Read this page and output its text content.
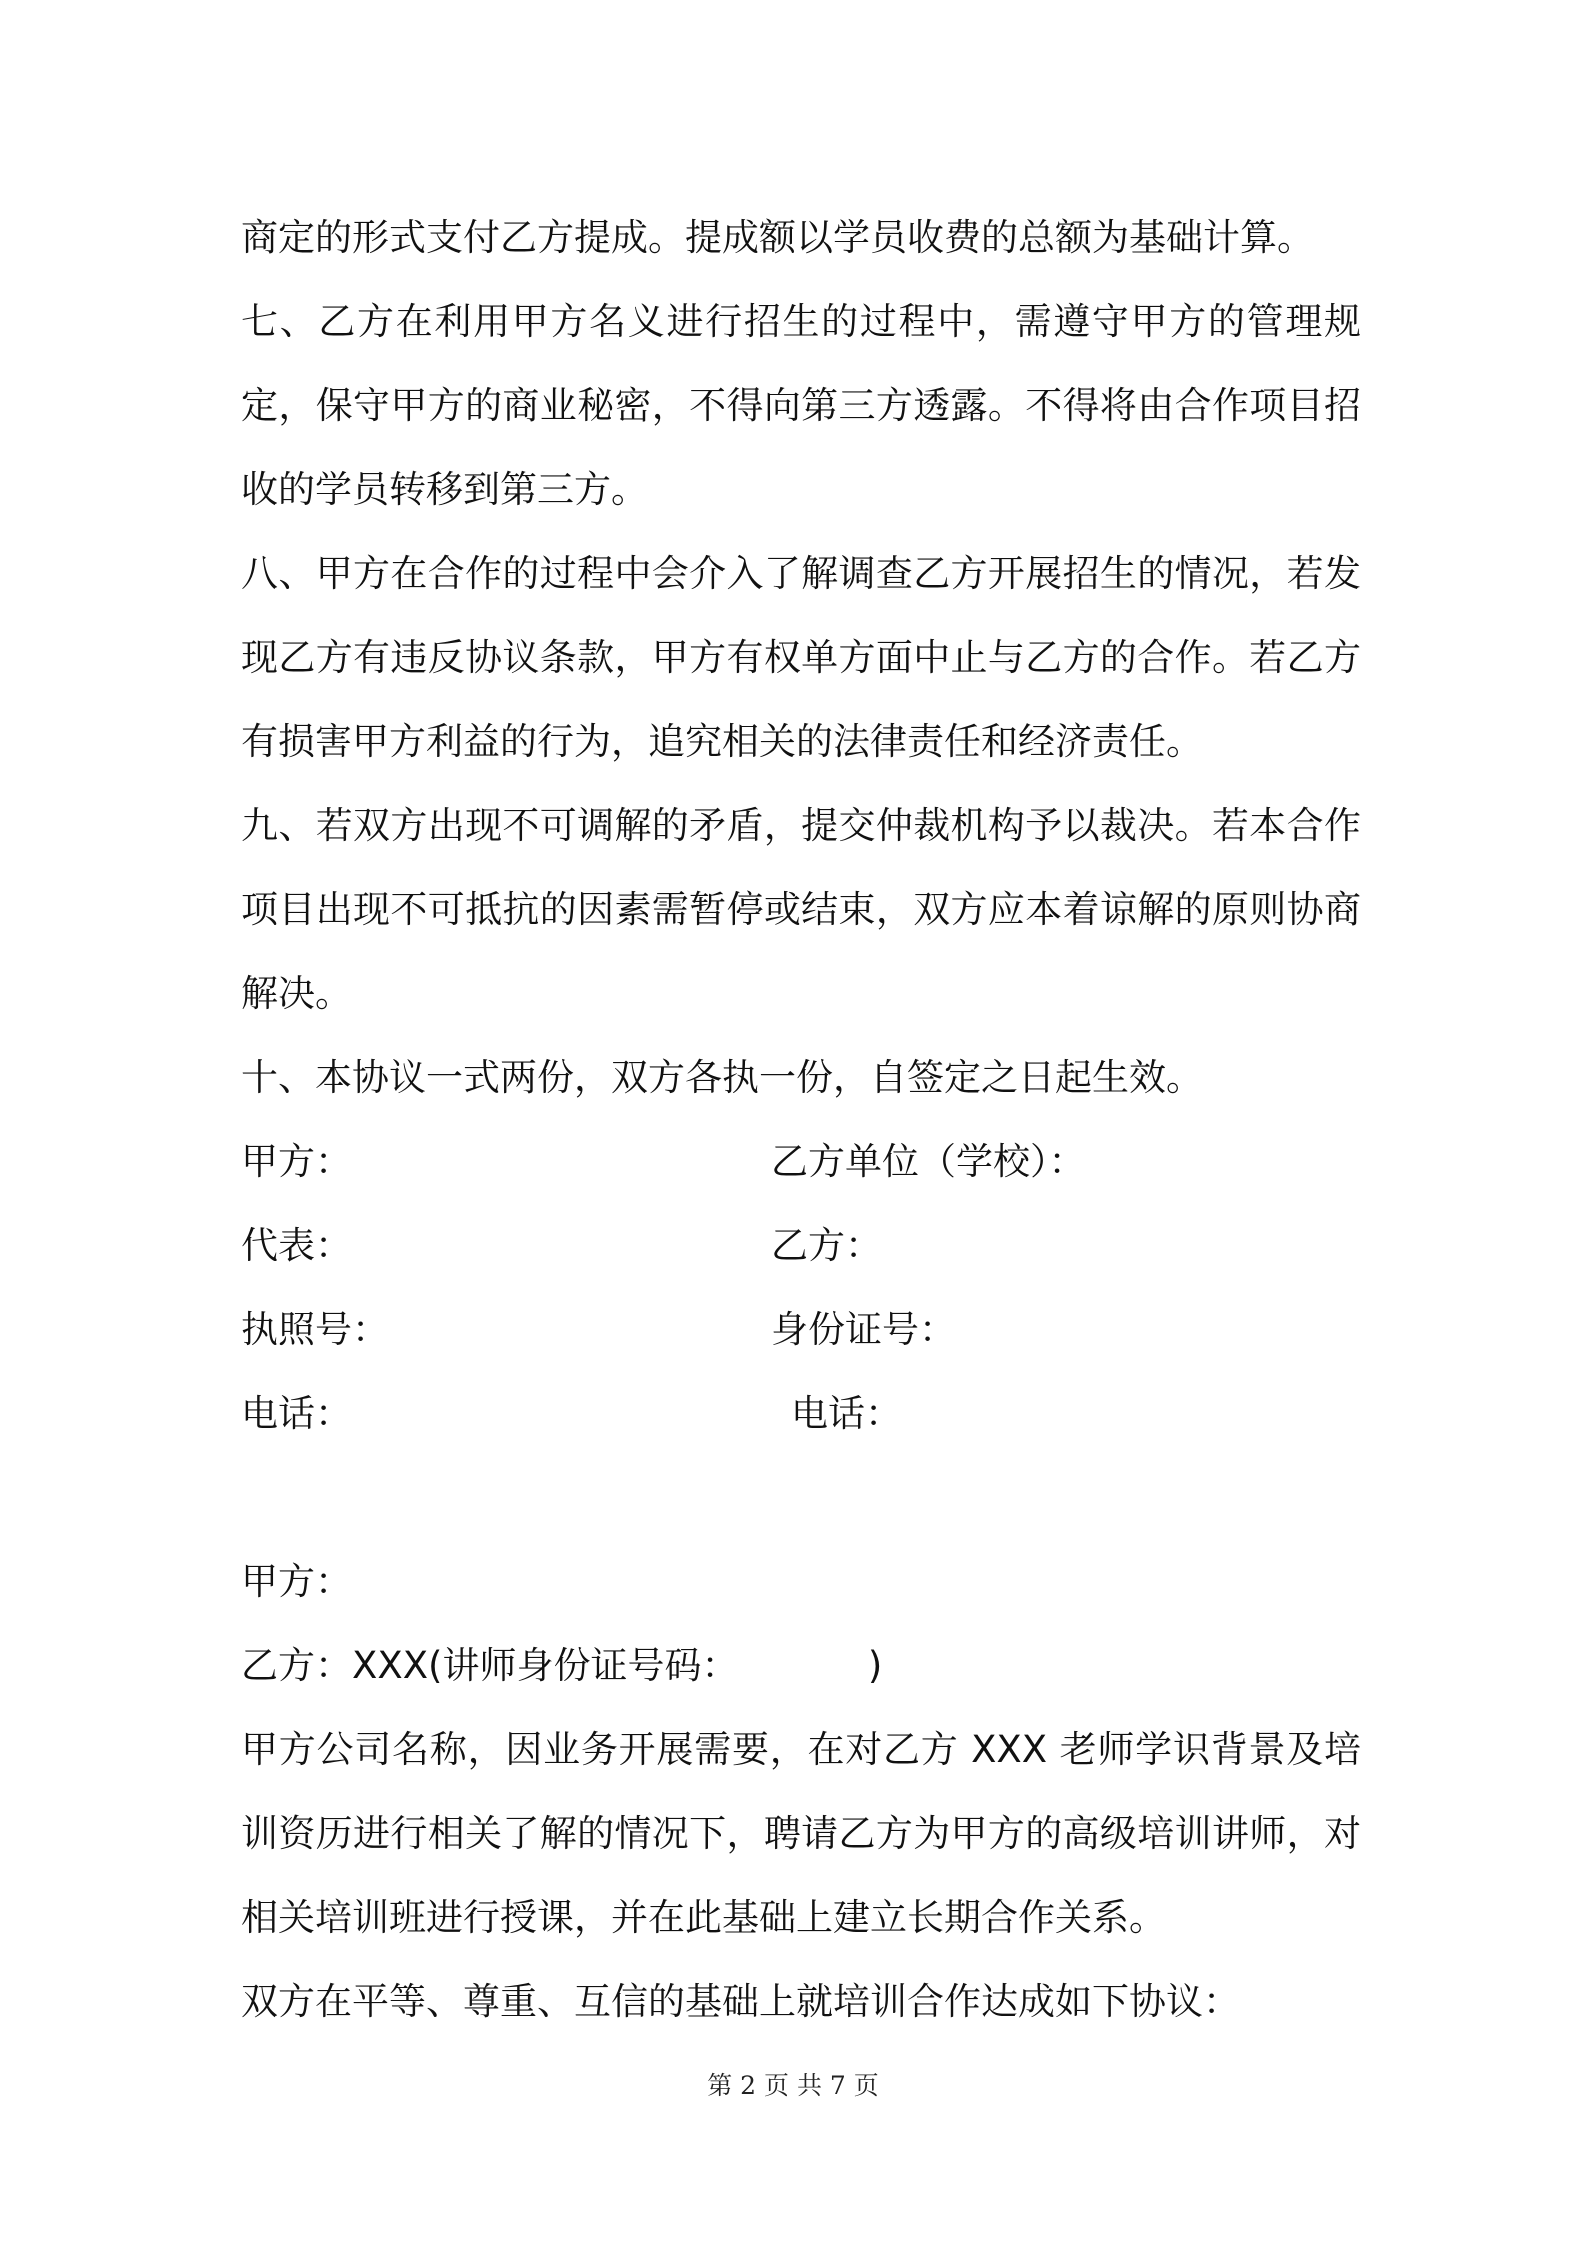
商定的形式支付乙方提成。提成额以学员收费的总额为基础计算。

七、乙方在利用甲方名义进行招生的过程中，需遵守甲方的管理规定，保守甲方的商业秘密，不得向第三方透露。不得将由合作项目招收的学员转移到第三方。

八、甲方在合作的过程中会介入了解调查乙方开展招生的情况，若发现乙方有违反协议条款，甲方有权单方面中止与乙方的合作。若乙方有损害甲方利益的行为，追究相关的法律责任和经济责任。

九、若双方出现不可调解的矛盾，提交仲裁机构予以裁决。若本合作项目出现不可抵抗的因素需暂停或结束，双方应本着谅解的原则协商解决。

十、本协议一式两份，双方各执一份，自签定之日起生效。

甲方：	乙方单位（学校）：
代表：	乙方：
执照号：	身份证号：
电话：	电话：

甲方：

乙方：XXX(讲师身份证号码：           )

甲方公司名称，因业务开展需要，在对乙方 XXX 老师学识背景及培训资历进行相关了解的情况下，聘请乙方为甲方的高级培训讲师，对相关培训班进行授课，并在此基础上建立长期合作关系。

双方在平等、尊重、互信的基础上就培训合作达成如下协议：

第 2 页 共 7 页
